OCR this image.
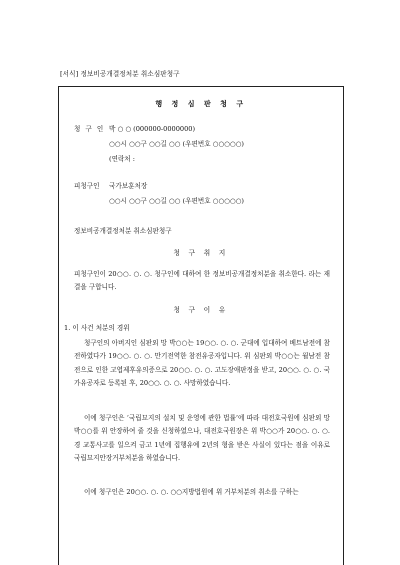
[서식] 정보비공개결정처분 취소심판청구
행 정 심 판 청 구
청 구 인 박 ○ ○ (000000-0000000)
○○시 ○○구 ○○길 ○○ (우편번호 ○○○○○)
(연락처 :
피청구인 국가보훈처장
○○시 ○○구 ○○길 ○○ (우편번호 ○○○○○)
정보비공개결정처분 취소심판청구
청 구 취 지
피청구인이 20○○. ○. ○. 청구인에 대하여 한 정보비공개결정처분을 취소한다. 라는 재결을 구합니다.
청 구 이 유
1. 이 사건 처분의 경위
청구인의 아버지인 심판외 망 박○○는 19○○. ○. ○. 군대에 입대하여 베트남전에 참전하였다가 19○○. ○. ○. 만기전역한 참전유공자입니다. 위 심판외 박○○는 월남전 참전으로 인한 고엽제후유의증으로 20○○. ○. ○. 고도장애판정을 받고, 20○○. ○. ○. 국가유공자로 등록된 후, 20○○. ○. ○. 사망하였습니다.
이에 청구인은 ‘국립묘지의 설치 및 운영에 관한 법률’에 따라 대전호국원에 심판외 망 박○○를 위 안장하여 줄 것을 신청하였으나, 대전호국원장은 위 박○○가 20○○. ○. ○.경 교통사고를 일으켜 금고 1년에 집행유예 2년의 형을 받은 사실이 있다는 점을 이유로 국립묘지안장거부처분을 하였습니다.
이에 청구인은 20○○. ○. ○. ○○지방법원에 위 거부처분의 취소를 구하는
